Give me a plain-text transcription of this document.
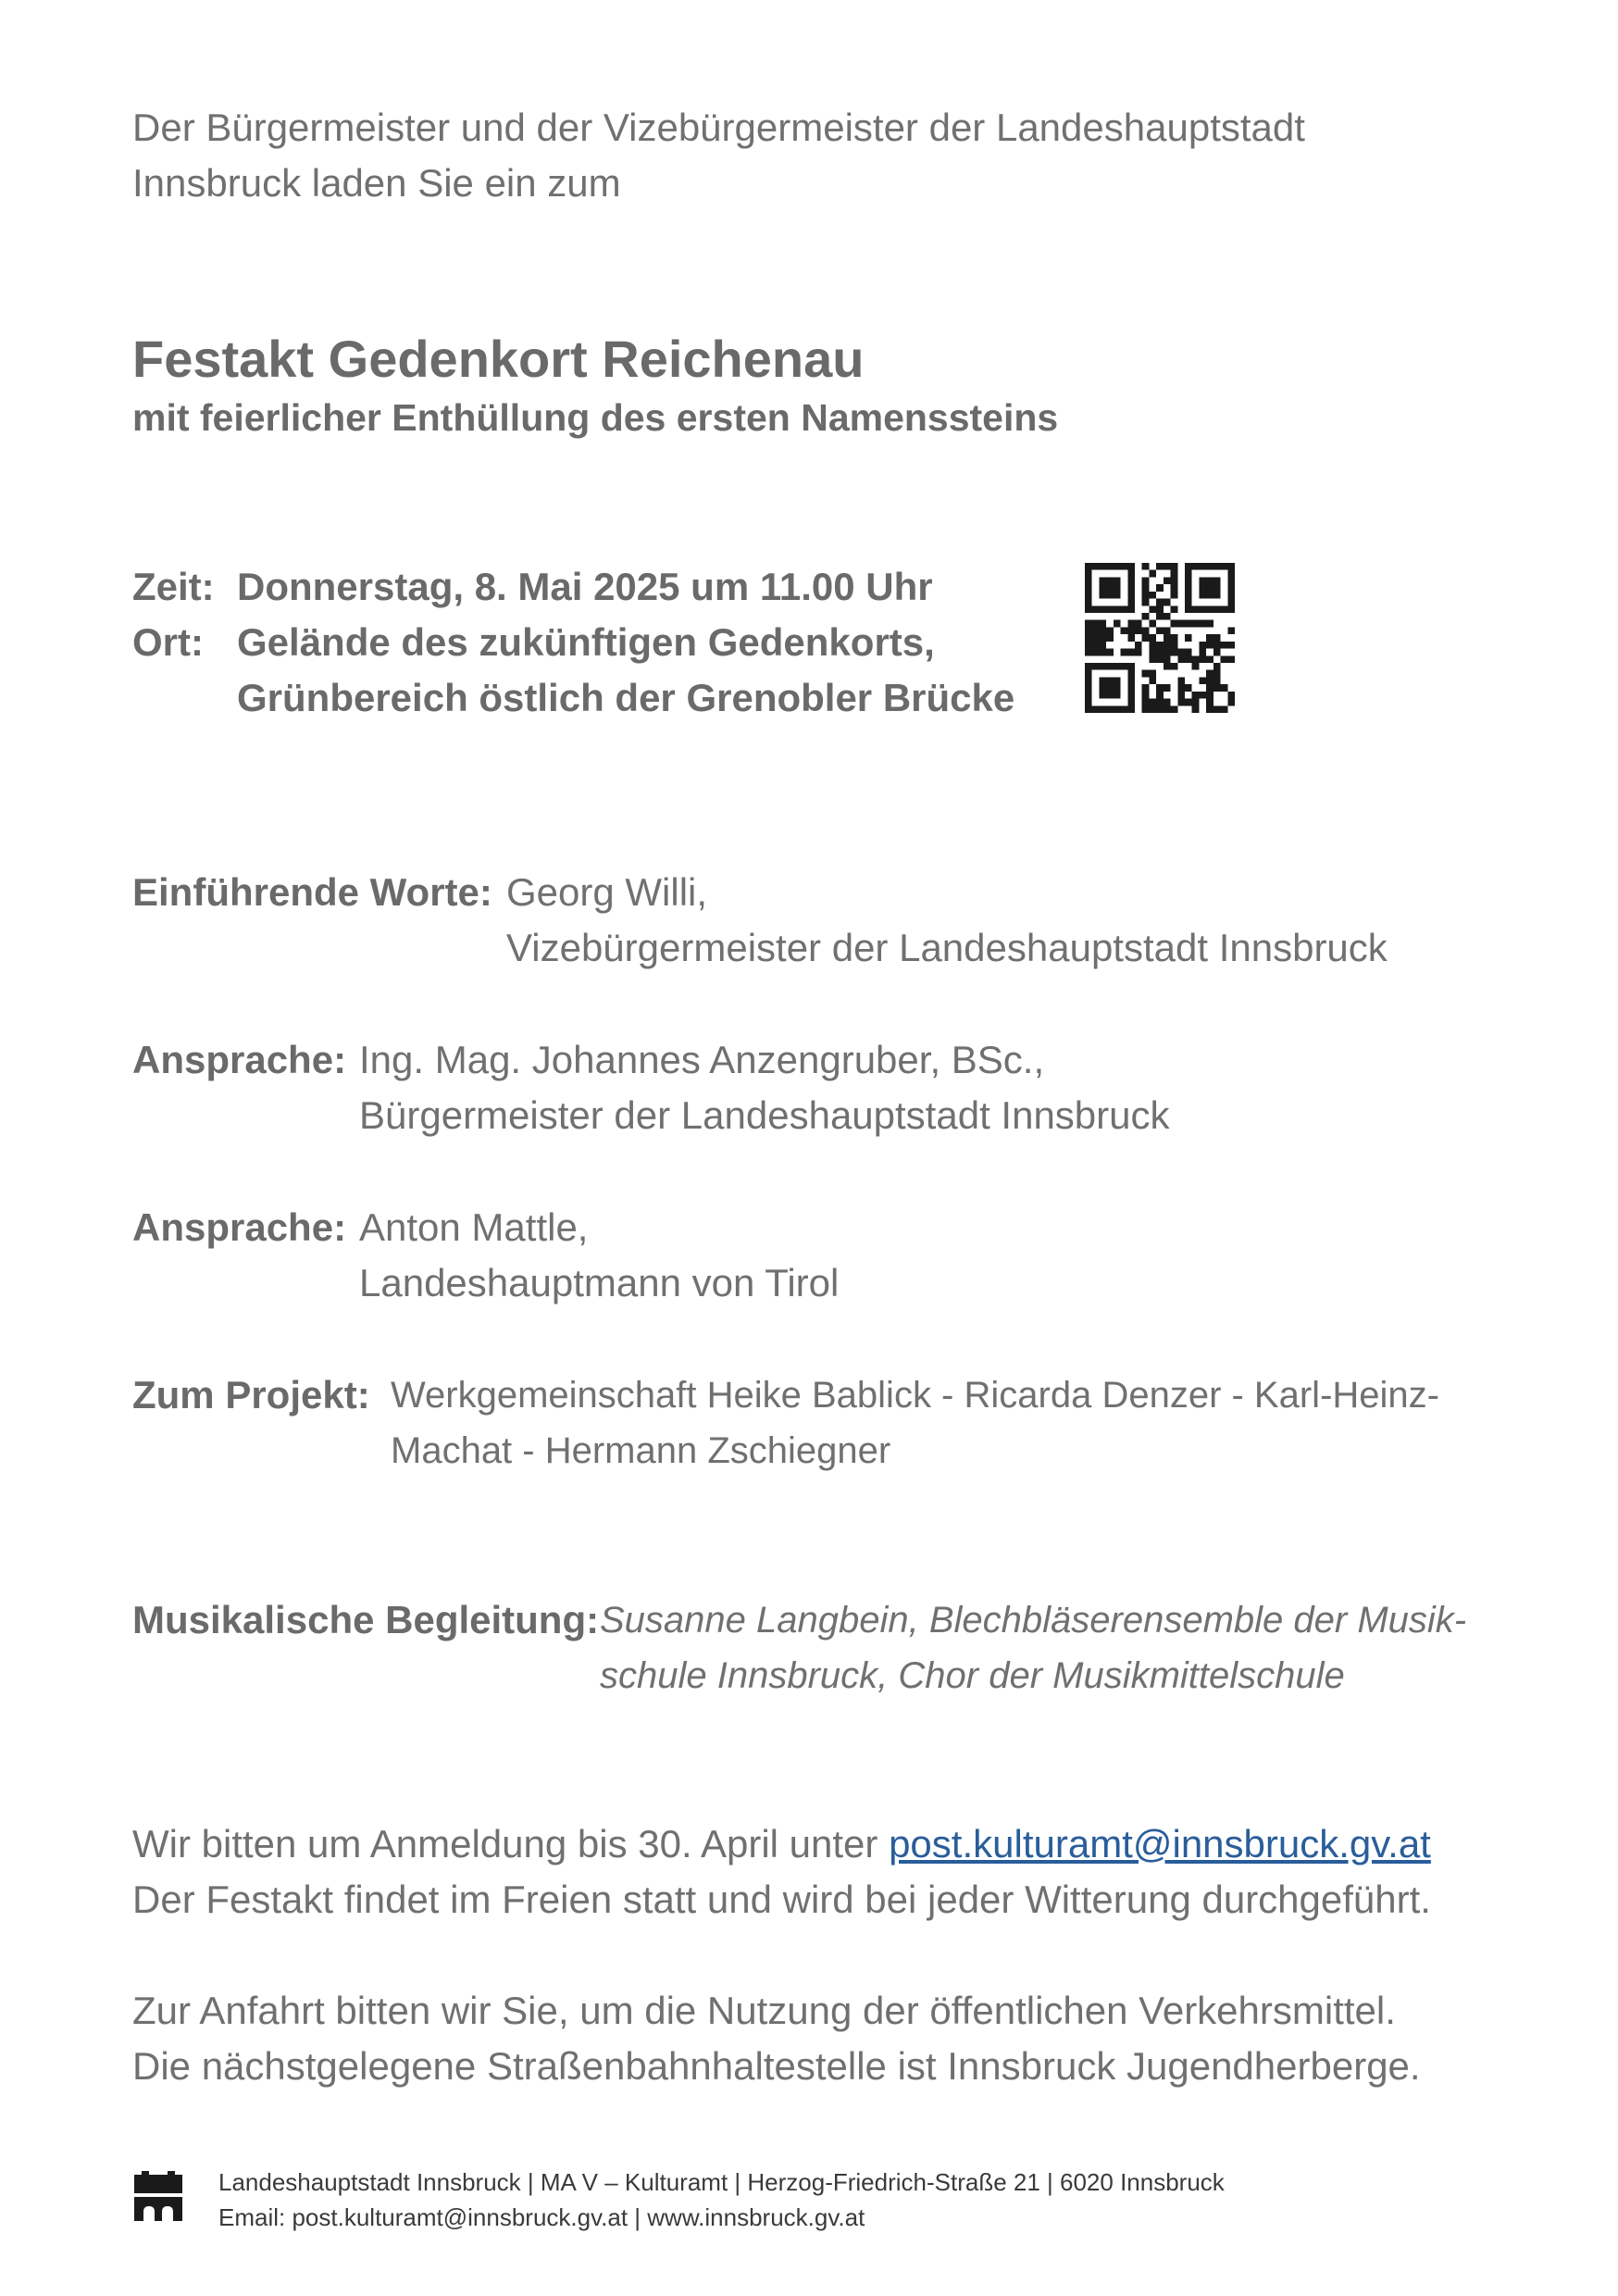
Der Bürgermeister und der Vizebürgermeister der Landeshauptstadt
Innsbruck laden Sie ein zum
Festakt Gedenkort Reichenau
mit feierlicher Enthüllung des ersten Namenssteins
Zeit: Donnerstag, 8. Mai 2025 um 11.00 Uhr
Ort: Gelände des zukünftigen Gedenkorts,
Grünbereich östlich der Grenobler Brücke
Einführende Worte: Georg Willi,
Vizebürgermeister der Landeshauptstadt Innsbruck
Ansprache: Ing. Mag. Johannes Anzengruber, BSc.,
Bürgermeister der Landeshauptstadt Innsbruck
Ansprache: Anton Mattle,
Landeshauptmann von Tirol
Zum Projekt: Werkgemeinschaft Heike Bablick - Ricarda Denzer - Karl-Heinz-
Machat - Hermann Zschiegner
Musikalische Begleitung: Susanne Langbein, Blechbläserensemble der Musik-
schule Innsbruck, Chor der Musikmittelschule
Wir bitten um Anmeldung bis 30. April unter post.kulturamt@innsbruck.gv.at
Der Festakt findet im Freien statt und wird bei jeder Witterung durchgeführt.
Zur Anfahrt bitten wir Sie, um die Nutzung der öffentlichen Verkehrsmittel.
Die nächstgelegene Straßenbahnhaltestelle ist Innsbruck Jugendherberge.
Landeshauptstadt Innsbruck | MA V – Kulturamt | Herzog-Friedrich-Straße 21 | 6020 Innsbruck
Email: post.kulturamt@innsbruck.gv.at | www.innsbruck.gv.at
